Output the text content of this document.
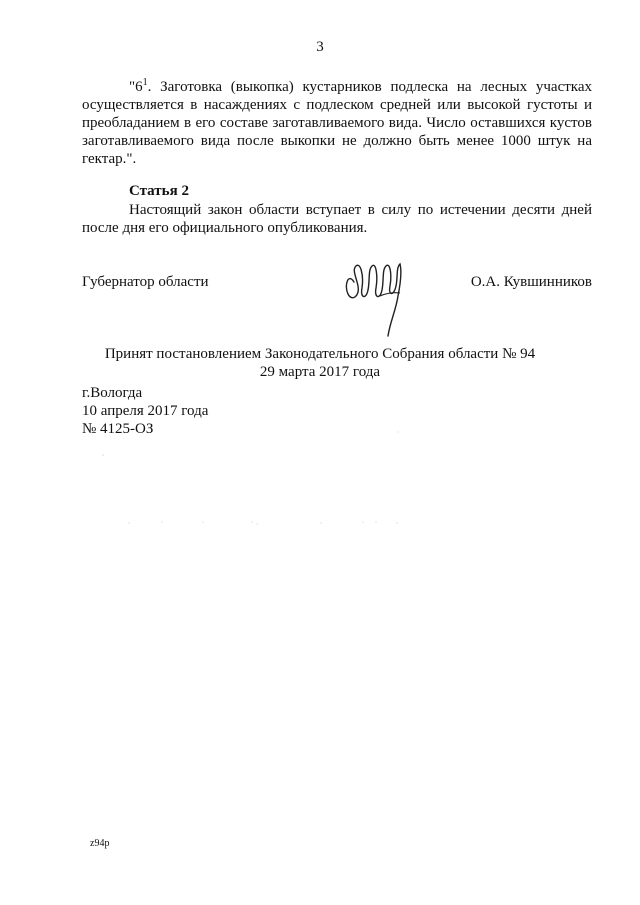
3
"$6^1$. Заготовка (выкопка) кустарников подлеска на лесных участках осуществляется в насаждениях с подлеском средней или высокой густоты и преобладанием в его составе заготавливаемого вида. Число оставшихся кустов заготавливаемого вида после выкопки не должно быть менее 1000 штук на гектар.".
Статья 2
Настоящий закон области вступает в силу по истечении десяти дней после дня его официального опубликования.
Губернатор области	О.А. Кувшинников
Принят постановлением Законодательного Собрания области № 94
29 марта 2017 года
г.Вологда
10 апреля 2017 года
№ 4125-ОЗ
z94p
